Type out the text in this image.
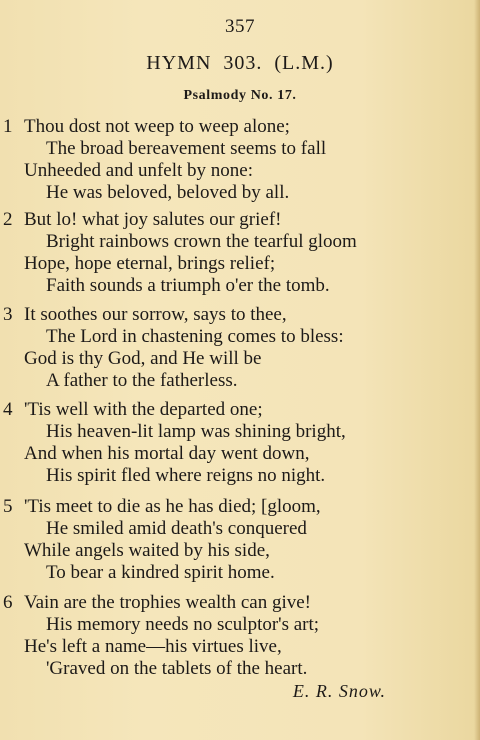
357
HYMN 303. (L.M.)
Psalmody No. 17.
1 Thou dost not weep to weep alone;
The broad bereavement seems to fall
Unheeded and unfelt by none:
He was beloved, beloved by all.
2 But lo! what joy salutes our grief!
Bright rainbows crown the tearful gloom
Hope, hope eternal, brings relief;
Faith sounds a triumph o'er the tomb.
3 It soothes our sorrow, says to thee,
The Lord in chastening comes to bless:
God is thy God, and He will be
A father to the fatherless.
4 'Tis well with the departed one;
His heaven-lit lamp was shining bright,
And when his mortal day went down,
His spirit fled where reigns no night.
5 'Tis meet to die as he has died; [gloom,
He smiled amid death's conquered
While angels waited by his side,
To bear a kindred spirit home.
6 Vain are the trophies wealth can give!
His memory needs no sculptor's art;
He's left a name—his virtues live,
'Graved on the tablets of the heart.
E. R. Snow.
